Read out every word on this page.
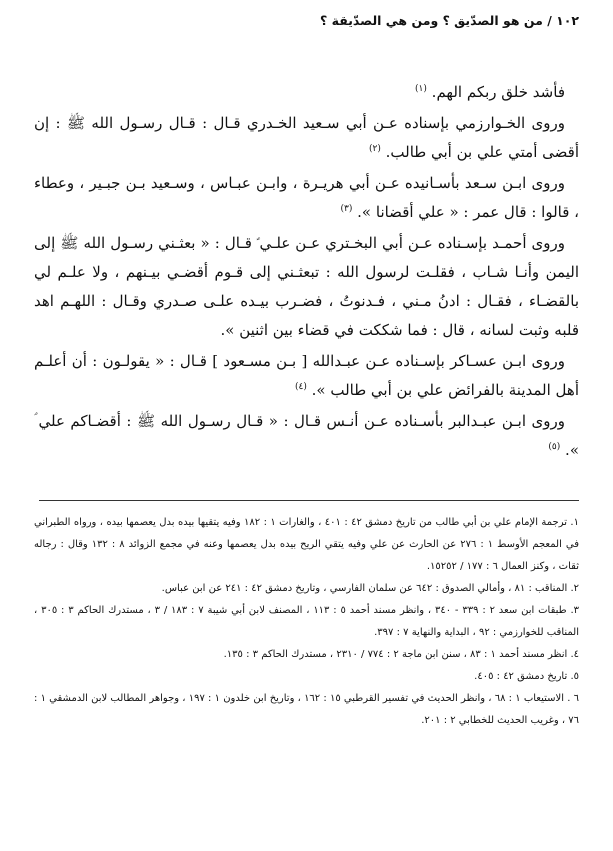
١٠٢ / من هو الصدّيق ؟ ومن هي الصدّيقة ؟

فأشد خلق ربكم الهم. $^{(١)}$

وروى الخـوارزمي بإسناده عـن أبي سـعيد الخـدري قـال : قـال رسـول الله ﷺ : إن أقضى أمتي علي بن أبي طالب. $^{(٢)}$

وروى ابـن سـعد بأسـانيده عـن أبي هريـرة ، وابـن عبـاس ، وسـعيد بـن جبـير ، وعطاء ، قالوا : قال عمر : « علي أقضانا ». $^{(٣)}$

وروى أحمـد بإسـناده عـن أبي البخـتري عـن علـي ؑ قـال : « بعثـني رسـول الله ﷺ إلى اليمن وأنـا شـاب ، فقلـت لرسول الله : تبعثـني إلى قـوم أقضـي بيـنهم ، ولا علـم لي بالقضـاء ، فقـال : ادنُ مـني ، فـدنوتُ ، فضـرب بيـده علـى صـدري وقـال : اللهـم اهد قلبه وثبت لسانه ، قال : فما شككت في قضاء بين اثنين ».

وروى ابـن عسـاكر بإسـناده عـن عبـدالله [ بـن مسـعود ] قـال : « يقولـون : أن أعلـم أهل المدينة بالفرائض علي بن أبي طالب ». $^{(٤)}$

وروى ابـن عبـدالبر بأسـناده عـن أنـس قـال : « قـال رسـول الله ﷺ : أقضـاكم علي ؑ ». $^{(٥)}$

١. ترجمة الإمام علي بن أبي طالب من تاريخ دمشق ٤٢ : ٤٠١ ، والغارات ١ : ١٨٢ وفيه يتقيها بيده بدل يعصمها بيده ، ورواه الطبراني في المعجم الأوسط ١ : ٢٧٦ عن الحارث عن علي وفيه يتقي الريح بيده بدل يعصمها وعنه في مجمع الزوائد ٨ : ١٣٢ وقال : رجاله ثقات ، وكنز العمال ٦ : ١٧٧ / ١٥٢٥٢.

٢. المناقب : ٨١ ، وأمالي الصدوق : ٦٤٢ عن سلمان الفارسي ، وتاريخ دمشق ٤٢ : ٢٤١ عن ابن عباس.

٣. طبقات ابن سعد ٢ : ٣٣٩ - ٣٤٠ ، وانظر مسند أحمد ٥ : ١١٣ ، المصنف لابن أبي شيبة ٧ : ١٨٣ / ٣ ، مستدرك الحاكم ٣ : ٣٠٥ ، المناقب للخوارزمي : ٩٢ ، البداية والنهاية ٧ : ٣٩٧.

٤. انظر مسند أحمد ١ : ٨٣ ، سنن ابن ماجة ٢ : ٧٧٤ / ٢٣١٠ ، مستدرك الحاكم ٣ : ١٣٥.

٥. تاريخ دمشق ٤٢ : ٤٠٥.

٦ . الاستيعاب ١ : ٦٨ ، وانظر الحديث في تفسير القرطبي ١٥ : ١٦٢ ، وتاريخ ابن خلدون ١ : ١٩٧ ، وجواهر المطالب لابن الدمشقي ١ : ٧٦ ، وغريب الحديث للخطابي ٢ : ٢٠١.
